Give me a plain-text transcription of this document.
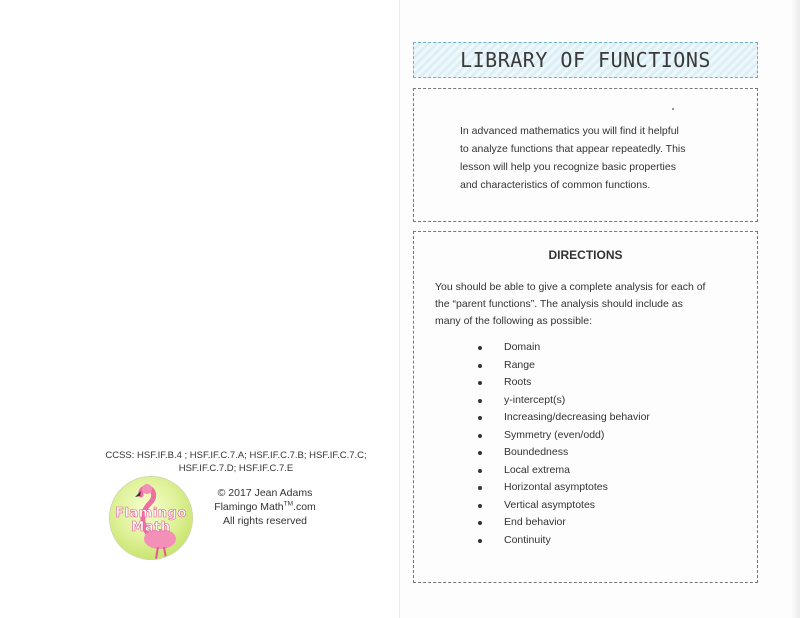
CCSS: HSF.IF.B.4 ; HSF.IF.C.7.A; HSF.IF.C.7.B; HSF.IF.C.7.C;
HSF.IF.C.7.D; HSF.IF.C.7.E
Flamingo
Math
© 2017 Jean Adams
Flamingo Math™.com
All rights reserved
LIBRARY OF FUNCTIONS
In advanced mathematics you will find it helpful
to analyze functions that appear repeatedly. This
lesson will help you recognize basic properties
and characteristics of common functions.
DIRECTIONS
You should be able to give a complete analysis for each of
the “parent functions”. The analysis should include as
many of the following as possible:
Domain
Range
Roots
y-intercept(s)
Increasing/decreasing behavior
Symmetry (even/odd)
Boundedness
Local extrema
Horizontal asymptotes
Vertical asymptotes
End behavior
Continuity
